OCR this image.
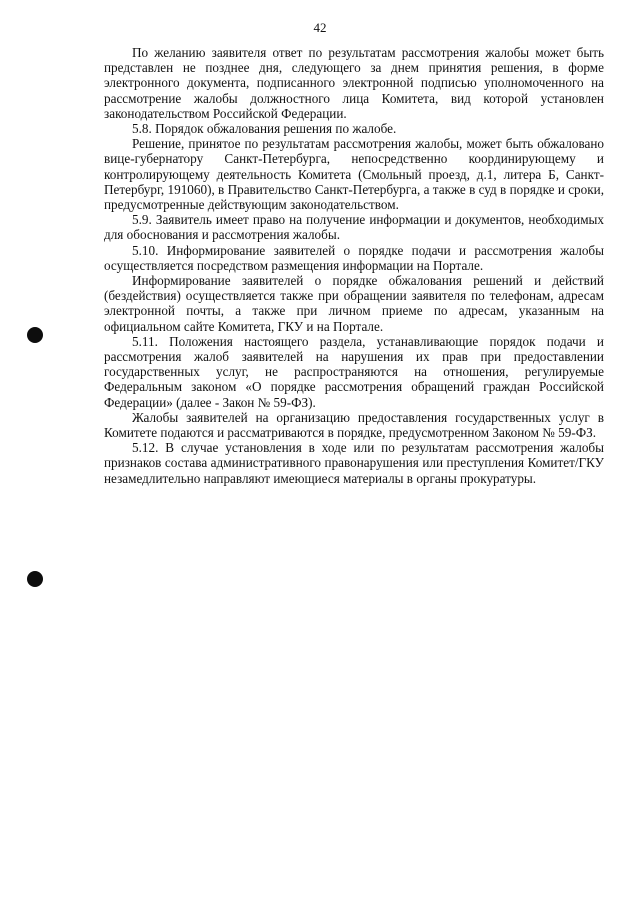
42

По желанию заявителя ответ по результатам рассмотрения жалобы может быть представлен не позднее дня, следующего за днем принятия решения, в форме электронного документа, подписанного электронной подписью уполномоченного на рассмотрение жалобы должностного лица Комитета, вид которой установлен законодательством Российской Федерации.

5.8. Порядок обжалования решения по жалобе.

Решение, принятое по результатам рассмотрения жалобы, может быть обжаловано вице-губернатору Санкт-Петербурга, непосредственно координирующему и контролирующему деятельность Комитета (Смольный проезд, д.1, литера Б, Санкт-Петербург, 191060), в Правительство Санкт-Петербурга, а также в суд в порядке и сроки, предусмотренные действующим законодательством.

5.9. Заявитель имеет право на получение информации и документов, необходимых для обоснования и рассмотрения жалобы.

5.10. Информирование заявителей о порядке подачи и рассмотрения жалобы осуществляется посредством размещения информации на Портале.

Информирование заявителей о порядке обжалования решений и действий (бездействия) осуществляется также при обращении заявителя по телефонам, адресам электронной почты, а также при личном приеме по адресам, указанным на официальном сайте Комитета, ГКУ и на Портале.

5.11. Положения настоящего раздела, устанавливающие порядок подачи и рассмотрения жалоб заявителей на нарушения их прав при предоставлении государственных услуг, не распространяются на отношения, регулируемые Федеральным законом «О порядке рассмотрения обращений граждан Российской Федерации» (далее - Закон № 59-ФЗ).

Жалобы заявителей на организацию предоставления государственных услуг в Комитете подаются и рассматриваются в порядке, предусмотренном Законом № 59-ФЗ.

5.12. В случае установления в ходе или по результатам рассмотрения жалобы признаков состава административного правонарушения или преступления Комитет/ГКУ незамедлительно направляют имеющиеся материалы в органы прокуратуры.
